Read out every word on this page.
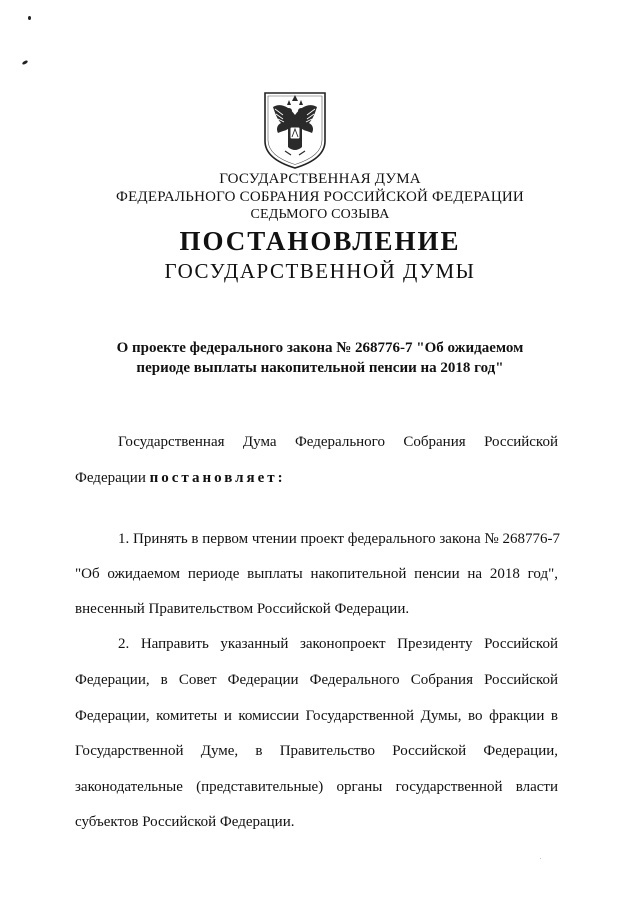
ГОСУДАРСТВЕННАЯ ДУМА
ФЕДЕРАЛЬНОГО СОБРАНИЯ РОССИЙСКОЙ ФЕДЕРАЦИИ
СЕДЬМОГО СОЗЫВА
ПОСТАНОВЛЕНИЕ
ГОСУДАРСТВЕННОЙ ДУМЫ
О проекте федерального закона № 268776-7 "Об ожидаемом
периоде выплаты накопительной пенсии на 2018 год"
Государственная Дума Федерального Собрания Российской
Федерации постановляет:
1. Принять в первом чтении проект федерального закона № 268776-7
"Об ожидаемом периоде выплаты накопительной пенсии на 2018 год",
внесенный Правительством Российской Федерации.
2. Направить указанный законопроект Президенту Российской
Федерации, в Совет Федерации Федерального Собрания Российской
Федерации, комитеты и комиссии Государственной Думы, во фракции в
Государственной Думе, в Правительство Российской Федерации,
законодательные (представительные) органы государственной власти
субъектов Российской Федерации.
